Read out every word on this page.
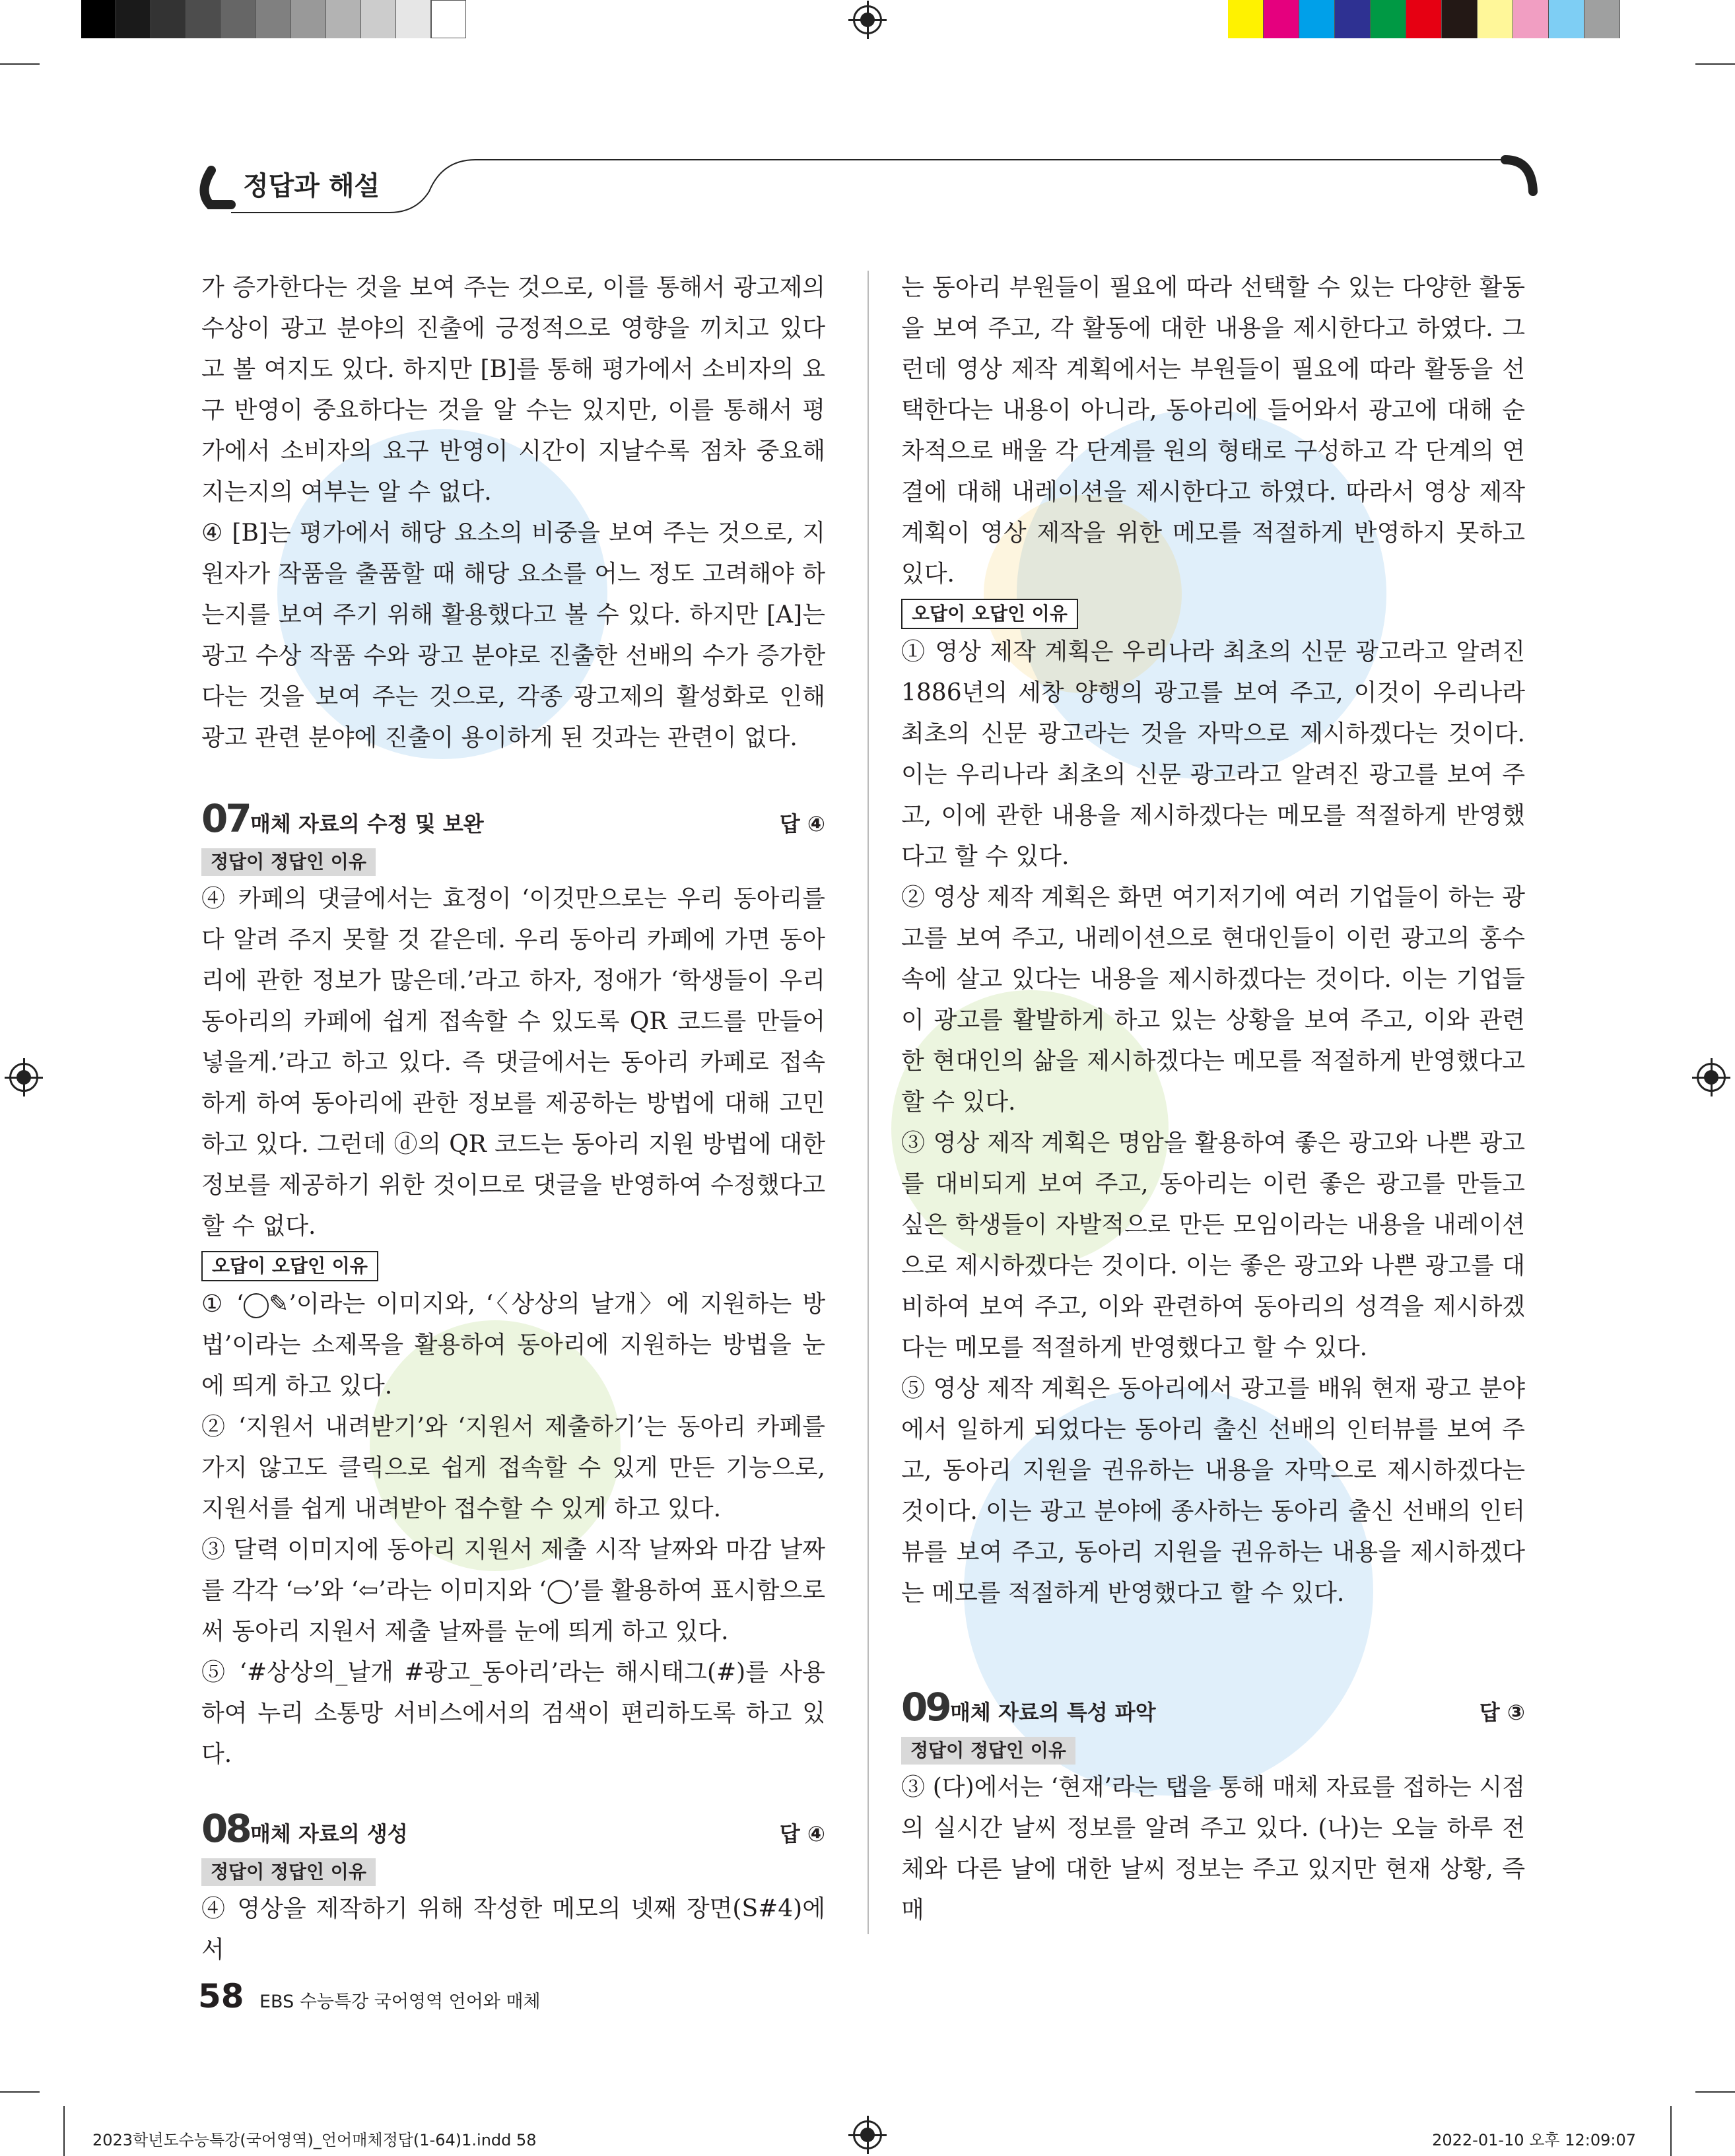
정답과 해설

가 증가한다는 것을 보여 주는 것으로, 이를 통해서 광고제의 수상이 광고 분야의 진출에 긍정적으로 영향을 끼치고 있다고 볼 여지도 있다. 하지만 [B]를 통해 평가에서 소비자의 요구 반영이 중요하다는 것을 알 수는 있지만, 이를 통해서 평가에서 소비자의 요구 반영이 시간이 지날수록 점차 중요해지는지의 여부는 알 수 없다.

④ [B]는 평가에서 해당 요소의 비중을 보여 주는 것으로, 지원자가 작품을 출품할 때 해당 요소를 어느 정도 고려해야 하는지를 보여 주기 위해 활용했다고 볼 수 있다. 하지만 [A]는 광고 수상 작품 수와 광고 분야로 진출한 선배의 수가 증가한다는 것을 보여 주는 것으로, 각종 광고제의 활성화로 인해 광고 관련 분야에 진출이 용이하게 된 것과는 관련이 없다.

07 매체 자료의 수정 및 보완	답 ④
정답이 정답인 이유

④ 카페의 댓글에서는 효정이 ‘이것만으로는 우리 동아리를 다 알려 주지 못할 것 같은데. 우리 동아리 카페에 가면 동아리에 관한 정보가 많은데.’라고 하자, 정애가 ‘학생들이 우리 동아리의 카페에 쉽게 접속할 수 있도록 QR 코드를 만들어 넣을게.’라고 하고 있다. 즉 댓글에서는 동아리 카페로 접속하게 하여 동아리에 관한 정보를 제공하는 방법에 대해 고민하고 있다. 그런데 ⓓ의 QR 코드는 동아리 지원 방법에 대한 정보를 제공하기 위한 것이므로 댓글을 반영하여 수정했다고 할 수 없다.

오답이 오답인 이유

① ‘ ✎’이라는 이미지와, ‘〈상상의 날개〉에 지원하는 방법’이라는 소제목을 활용하여 동아리에 지원하는 방법을 눈에 띄게 하고 있다.

② ‘지원서 내려받기’와 ‘지원서 제출하기’는 동아리 카페를 가지 않고도 클릭으로 쉽게 접속할 수 있게 만든 기능으로, 지원서를 쉽게 내려받아 접수할 수 있게 하고 있다.

③ 달력 이미지에 동아리 지원서 제출 시작 날짜와 마감 날짜를 각각 ‘⇨’와 ‘⇦’라는 이미지와 ‘◯’를 활용하여 표시함으로써 동아리 지원서 제출 날짜를 눈에 띄게 하고 있다.

⑤ ‘#상상의_날개 #광고_동아리’라는 해시태그(#)를 사용하여 누리 소통망 서비스에서의 검색이 편리하도록 하고 있다.

08 매체 자료의 생성	답 ④
정답이 정답인 이유

④ 영상을 제작하기 위해 작성한 메모의 넷째 장면(S#4)에서

는 동아리 부원들이 필요에 따라 선택할 수 있는 다양한 활동을 보여 주고, 각 활동에 대한 내용을 제시한다고 하였다. 그런데 영상 제작 계획에서는 부원들이 필요에 따라 활동을 선택한다는 내용이 아니라, 동아리에 들어와서 광고에 대해 순차적으로 배울 각 단계를 원의 형태로 구성하고 각 단계의 연결에 대해 내레이션을 제시한다고 하였다. 따라서 영상 제작 계획이 영상 제작을 위한 메모를 적절하게 반영하지 못하고 있다.

오답이 오답인 이유

① 영상 제작 계획은 우리나라 최초의 신문 광고라고 알려진 1886년의 세창 양행의 광고를 보여 주고, 이것이 우리나라 최초의 신문 광고라는 것을 자막으로 제시하겠다는 것이다. 이는 우리나라 최초의 신문 광고라고 알려진 광고를 보여 주고, 이에 관한 내용을 제시하겠다는 메모를 적절하게 반영했다고 할 수 있다.

② 영상 제작 계획은 화면 여기저기에 여러 기업들이 하는 광고를 보여 주고, 내레이션으로 현대인들이 이런 광고의 홍수 속에 살고 있다는 내용을 제시하겠다는 것이다. 이는 기업들이 광고를 활발하게 하고 있는 상황을 보여 주고, 이와 관련한 현대인의 삶을 제시하겠다는 메모를 적절하게 반영했다고 할 수 있다.

③ 영상 제작 계획은 명암을 활용하여 좋은 광고와 나쁜 광고를 대비되게 보여 주고, 동아리는 이런 좋은 광고를 만들고 싶은 학생들이 자발적으로 만든 모임이라는 내용을 내레이션으로 제시하겠다는 것이다. 이는 좋은 광고와 나쁜 광고를 대비하여 보여 주고, 이와 관련하여 동아리의 성격을 제시하겠다는 메모를 적절하게 반영했다고 할 수 있다.

⑤ 영상 제작 계획은 동아리에서 광고를 배워 현재 광고 분야에서 일하게 되었다는 동아리 출신 선배의 인터뷰를 보여 주고, 동아리 지원을 권유하는 내용을 자막으로 제시하겠다는 것이다. 이는 광고 분야에 종사하는 동아리 출신 선배의 인터뷰를 보여 주고, 동아리 지원을 권유하는 내용을 제시하겠다는 메모를 적절하게 반영했다고 할 수 있다.

09 매체 자료의 특성 파악	답 ③
정답이 정답인 이유

③ (다)에서는 ‘현재’라는 탭을 통해 매체 자료를 접하는 시점의 실시간 날씨 정보를 알려 주고 있다. (나)는 오늘 하루 전체와 다른 날에 대한 날씨 정보는 주고 있지만 현재 상황, 즉 매

58 EBS 수능특강 국어영역 언어와 매체
2023학년도수능특강(국어영역)_언어매체정답(1-64)1.indd 58	2022-01-10 오후 12:09:07
